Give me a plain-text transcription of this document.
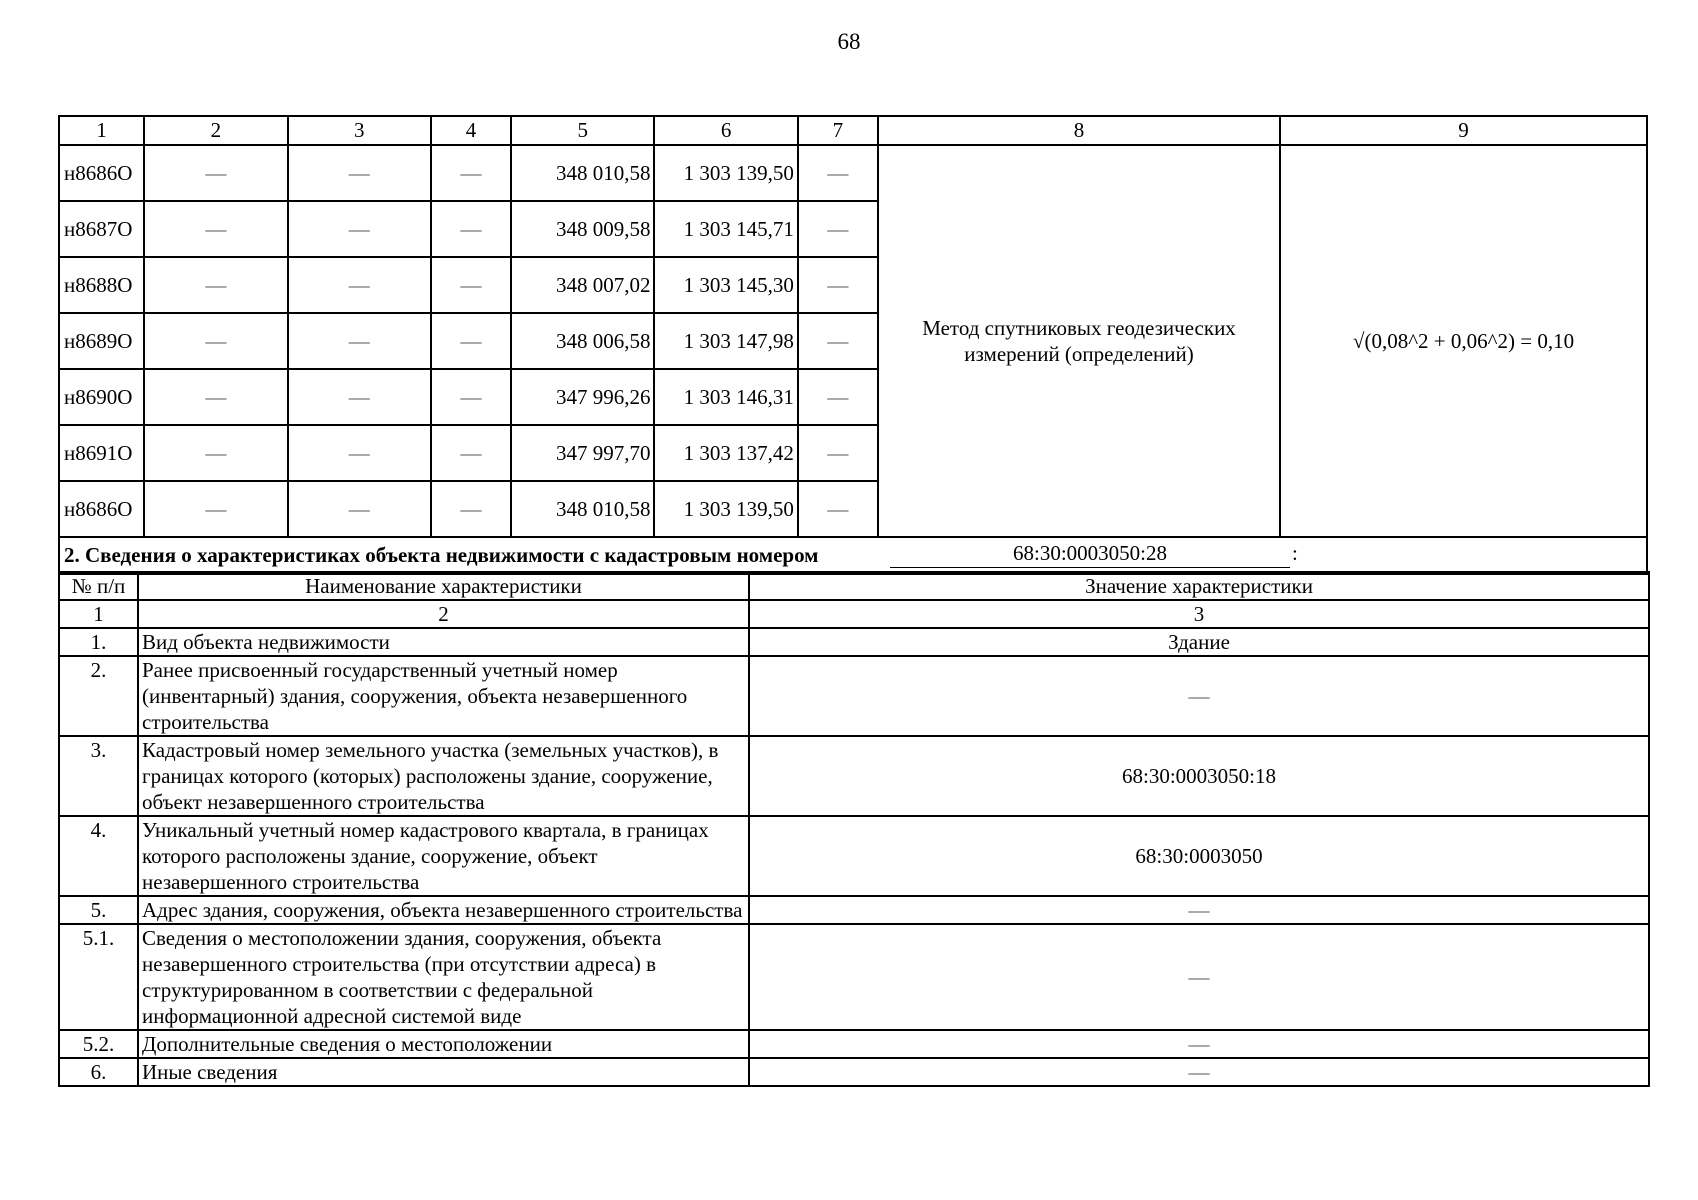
68
1	2	3	4	5	6	7	8	9
н8686О	—	—	—	348 010,58	1 303 139,50	—	Метод спутниковых геодезических измерений (определений)	√(0,08^2 + 0,06^2) = 0,10
н8687О	—	—	—	348 009,58	1 303 145,71	—		
н8688О	—	—	—	348 007,02	1 303 145,30	—		
н8689О	—	—	—	348 006,58	1 303 147,98	—		
н8690О	—	—	—	347 996,26	1 303 146,31	—		
н8691О	—	—	—	347 997,70	1 303 137,42	—		
н8686О	—	—	—	348 010,58	1 303 139,50	—		
2. Сведения о характеристиках объекта недвижимости с кадастровым номером 68:30:0003050:28 :								
№ п/п	Наименование характеристики	Значение характеристики
1	2	3
1.	Вид объекта недвижимости	Здание
2.	Ранее присвоенный государственный учетный номер (инвентарный) здания, сооружения, объекта незавершенного строительства	—
3.	Кадастровый номер земельного участка (земельных участков), в границах которого (которых) расположены здание, сооружение, объект незавершенного строительства	68:30:0003050:18
4.	Уникальный учетный номер кадастрового квартала, в границах которого расположены здание, сооружение, объект незавершенного строительства	68:30:0003050
5.	Адрес здания, сооружения, объекта незавершенного строительства	—
5.1.	Сведения о местоположении здания, сооружения, объекта незавершенного строительства (при отсутствии адреса) в структурированном в соответствии с федеральной информационной адресной системой виде	—
5.2.	Дополнительные сведения о местоположении	—
6.	Иные сведения	—
